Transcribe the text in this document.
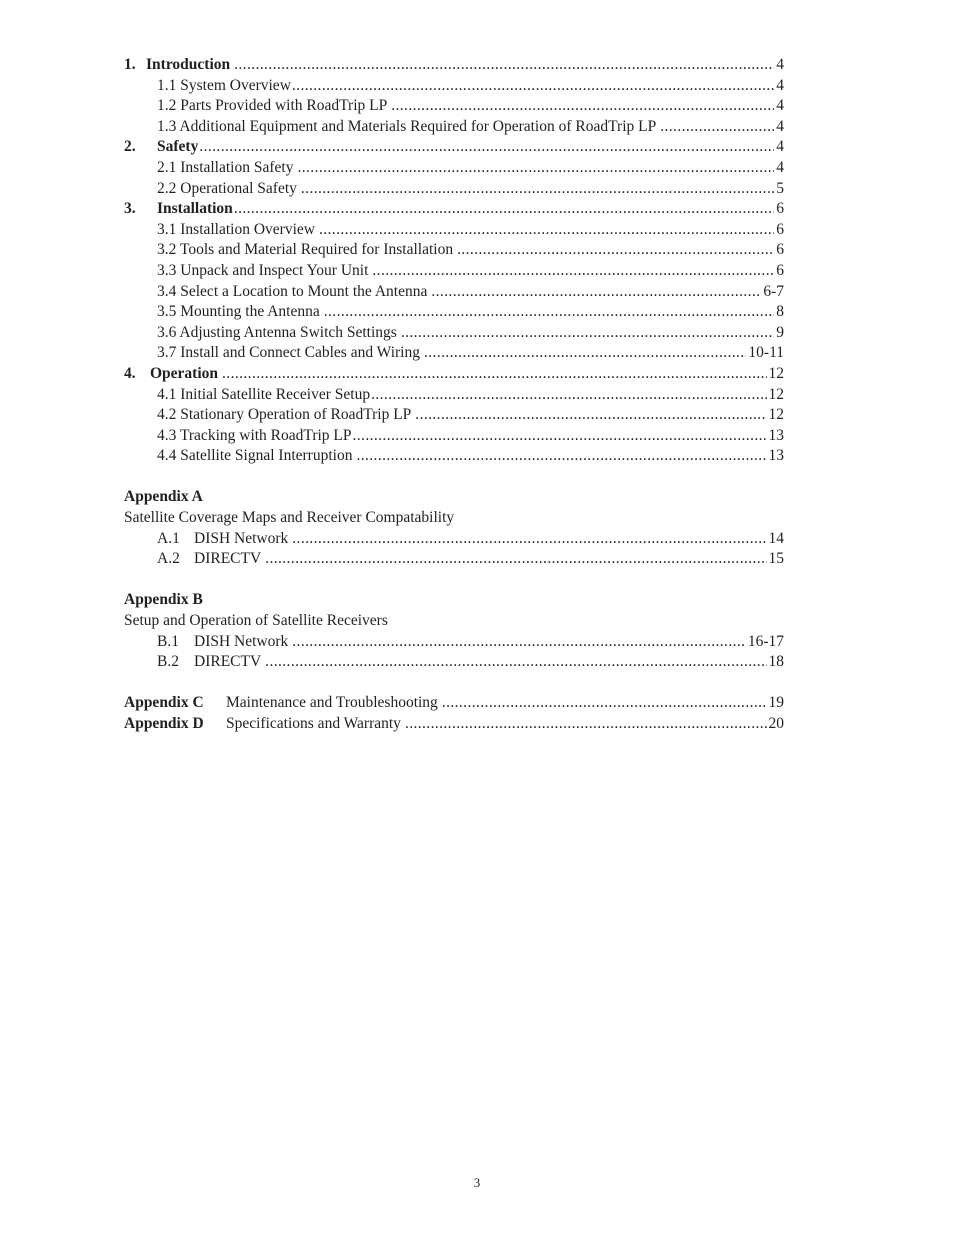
1. Introduction .....	4
1.1 System Overview .....	4
1.2 Parts Provided with RoadTrip LP .....	4
1.3 Additional Equipment and Materials Required for Operation of RoadTrip LP .....	4
2.	Safety .....	4
2.1 Installation Safety .....	4
2.2 Operational Safety .....	5
3.	Installation .....	6
3.1 Installation Overview .....	6
3.2 Tools and Material Required for Installation .....	6
3.3 Unpack and Inspect Your Unit .....	6
3.4 Select a Location to Mount the Antenna .....	6-7
3.5 Mounting the Antenna .....	8
3.6 Adjusting Antenna Switch Settings .....	9
3.7 Install and Connect Cables and Wiring .....	10-11
4. Operation .....	12
4.1 Initial Satellite Receiver Setup .....	12
4.2 Stationary Operation of RoadTrip LP .....	12
4.3 Tracking with RoadTrip LP .....	13
4.4 Satellite Signal Interruption .....	13
Appendix A
Satellite Coverage Maps and Receiver Compatability
A.1 DISH Network .....	14
A.2 DIRECTV .....	15
Appendix B
Setup and Operation of Satellite Receivers
B.1 DISH Network .....	16-17
B.2 DIRECTV .....	18
Appendix C	Maintenance and Troubleshooting .....	19
Appendix D	Specifications and Warranty .....	20
3
